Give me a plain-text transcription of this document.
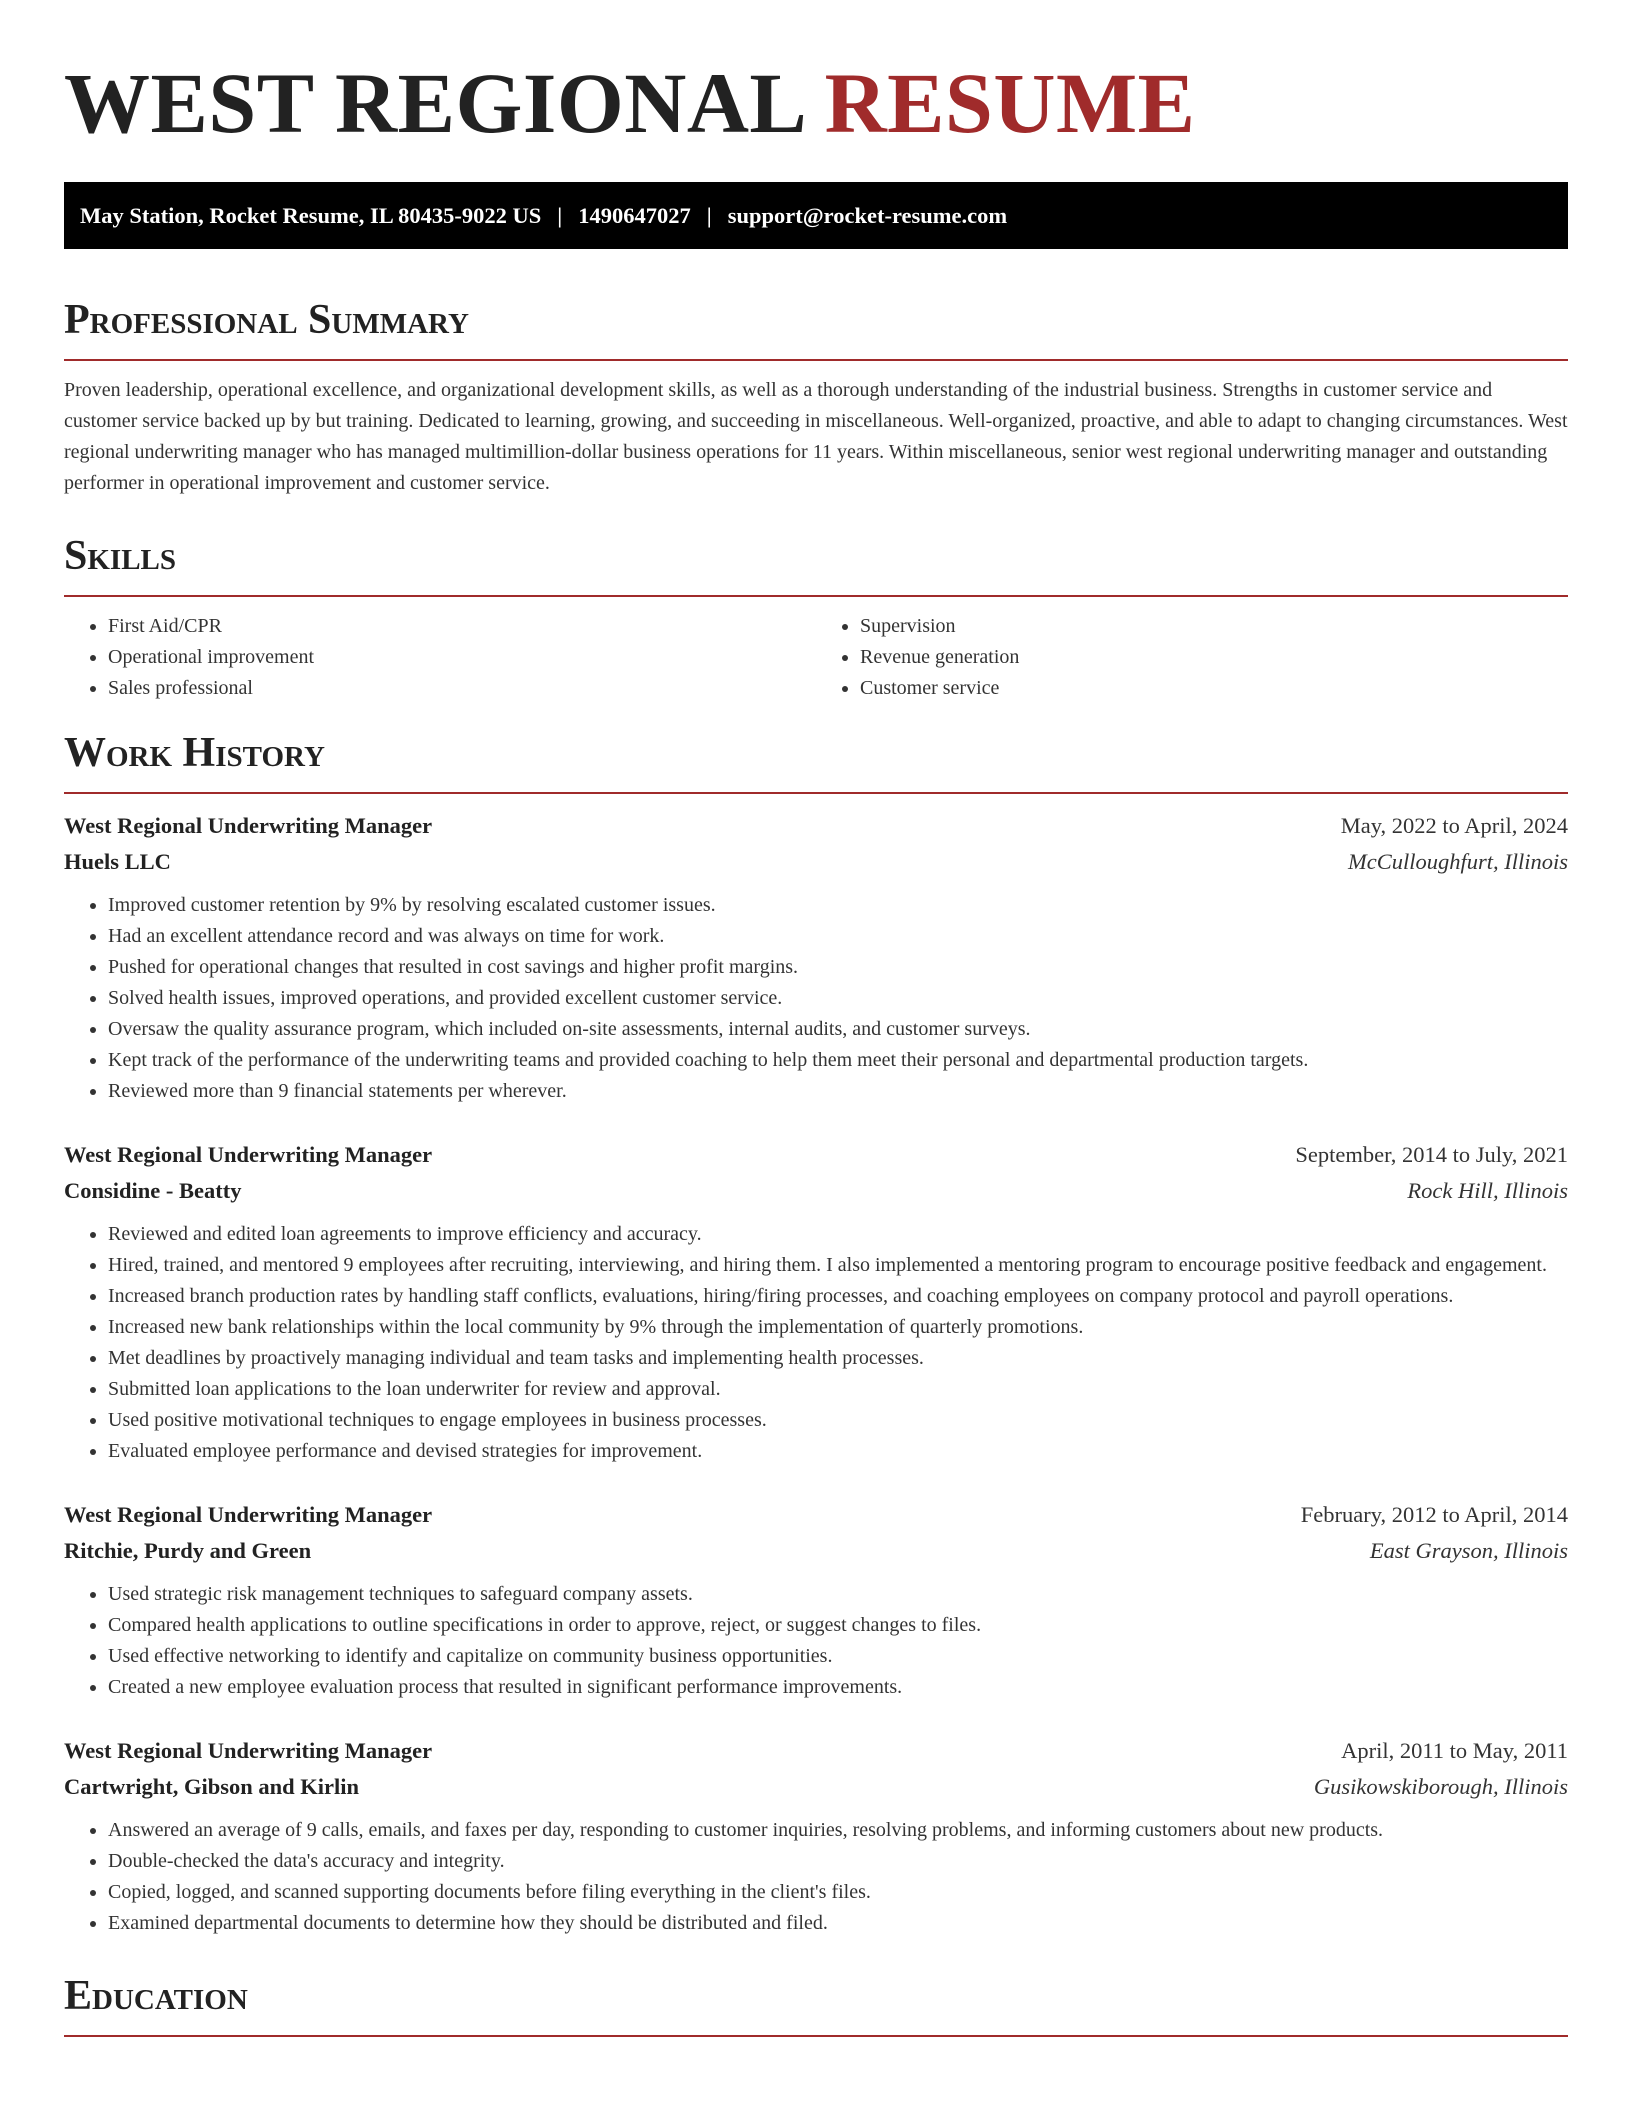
WEST REGIONAL RESUME
May Station, Rocket Resume, IL 80435-9022 US | 1490647027 | support@rocket-resume.com
Professional Summary

Proven leadership, operational excellence, and organizational development skills, as well as a thorough understanding of the industrial business. Strengths in customer service and customer service backed up by but training. Dedicated to learning, growing, and succeeding in miscellaneous. Well-organized, proactive, and able to adapt to changing circumstances. West regional underwriting manager who has managed multimillion-dollar business operations for 11 years. Within miscellaneous, senior west regional underwriting manager and outstanding performer in operational improvement and customer service.

Skills
• First Aid/CPR
• Operational improvement
• Sales professional
• Supervision
• Revenue generation
• Customer service
Work History
West Regional Underwriting Manager	May, 2022 to April, 2024
Huels LLC	McCulloughfurt, Illinois
• Improved customer retention by 9% by resolving escalated customer issues.
• Had an excellent attendance record and was always on time for work.
• Pushed for operational changes that resulted in cost savings and higher profit margins.
• Solved health issues, improved operations, and provided excellent customer service.
• Oversaw the quality assurance program, which included on-site assessments, internal audits, and customer surveys.
• Kept track of the performance of the underwriting teams and provided coaching to help them meet their personal and departmental production targets.
• Reviewed more than 9 financial statements per wherever.
West Regional Underwriting Manager	September, 2014 to July, 2021
Considine - Beatty	Rock Hill, Illinois
• Reviewed and edited loan agreements to improve efficiency and accuracy.
• Hired, trained, and mentored 9 employees after recruiting, interviewing, and hiring them. I also implemented a mentoring program to encourage positive feedback and engagement.
• Increased branch production rates by handling staff conflicts, evaluations, hiring/firing processes, and coaching employees on company protocol and payroll operations.
• Increased new bank relationships within the local community by 9% through the implementation of quarterly promotions.
• Met deadlines by proactively managing individual and team tasks and implementing health processes.
• Submitted loan applications to the loan underwriter for review and approval.
• Used positive motivational techniques to engage employees in business processes.
• Evaluated employee performance and devised strategies for improvement.
West Regional Underwriting Manager	February, 2012 to April, 2014
Ritchie, Purdy and Green	East Grayson, Illinois
• Used strategic risk management techniques to safeguard company assets.
• Compared health applications to outline specifications in order to approve, reject, or suggest changes to files.
• Used effective networking to identify and capitalize on community business opportunities.
• Created a new employee evaluation process that resulted in significant performance improvements.
West Regional Underwriting Manager	April, 2011 to May, 2011
Cartwright, Gibson and Kirlin	Gusikowskiborough, Illinois
• Answered an average of 9 calls, emails, and faxes per day, responding to customer inquiries, resolving problems, and informing customers about new products.
• Double-checked the data's accuracy and integrity.
• Copied, logged, and scanned supporting documents before filing everything in the client's files.
• Examined departmental documents to determine how they should be distributed and filed.
Education
